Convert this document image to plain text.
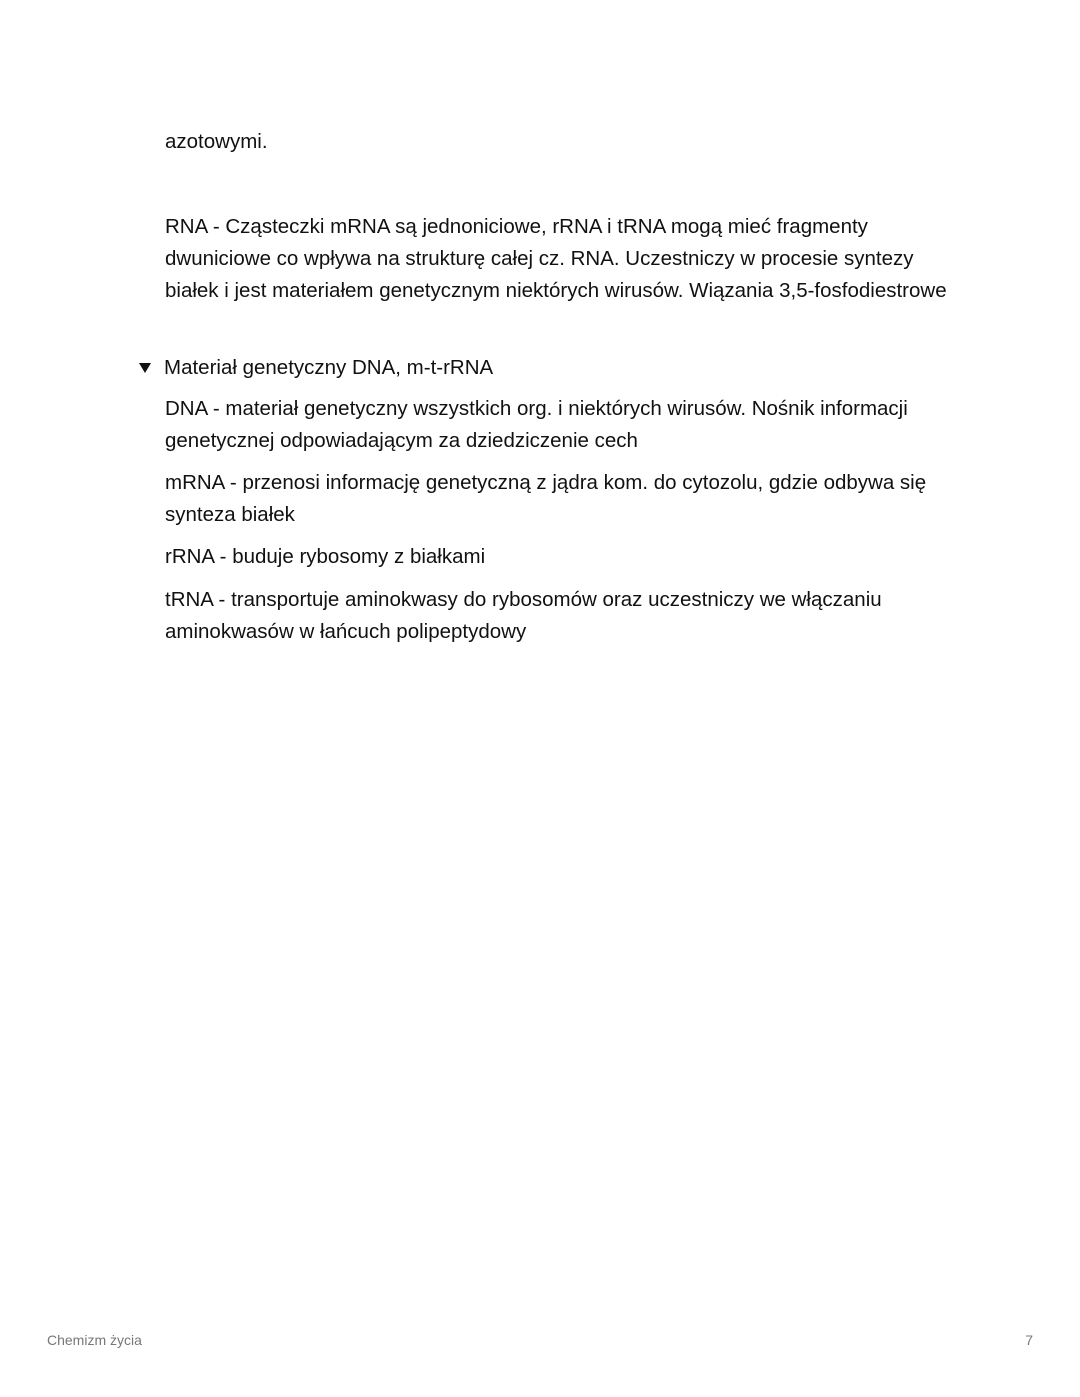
azotowymi.

RNA - Cząsteczki mRNA są jednoniciowe, rRNA i tRNA mogą mieć fragmenty dwuniciowe co wpływa na strukturę całej cz. RNA. Uczestniczy w procesie syntezy białek i jest materiałem genetycznym niektórych wirusów. Wiązania 3,5-fosfodiestrowe

Materiał genetyczny DNA, m-t-rRNA

DNA - materiał genetyczny wszystkich org. i niektórych wirusów. Nośnik informacji genetycznej odpowiadającym za dziedziczenie cech

mRNA - przenosi informację genetyczną z jądra kom. do cytozolu, gdzie odbywa się synteza białek

rRNA - buduje rybosomy z białkami

tRNA - transportuje aminokwasy do rybosomów oraz uczestniczy we włączaniu aminokwasów w łańcuch polipeptydowy

Chemizm życia	7
